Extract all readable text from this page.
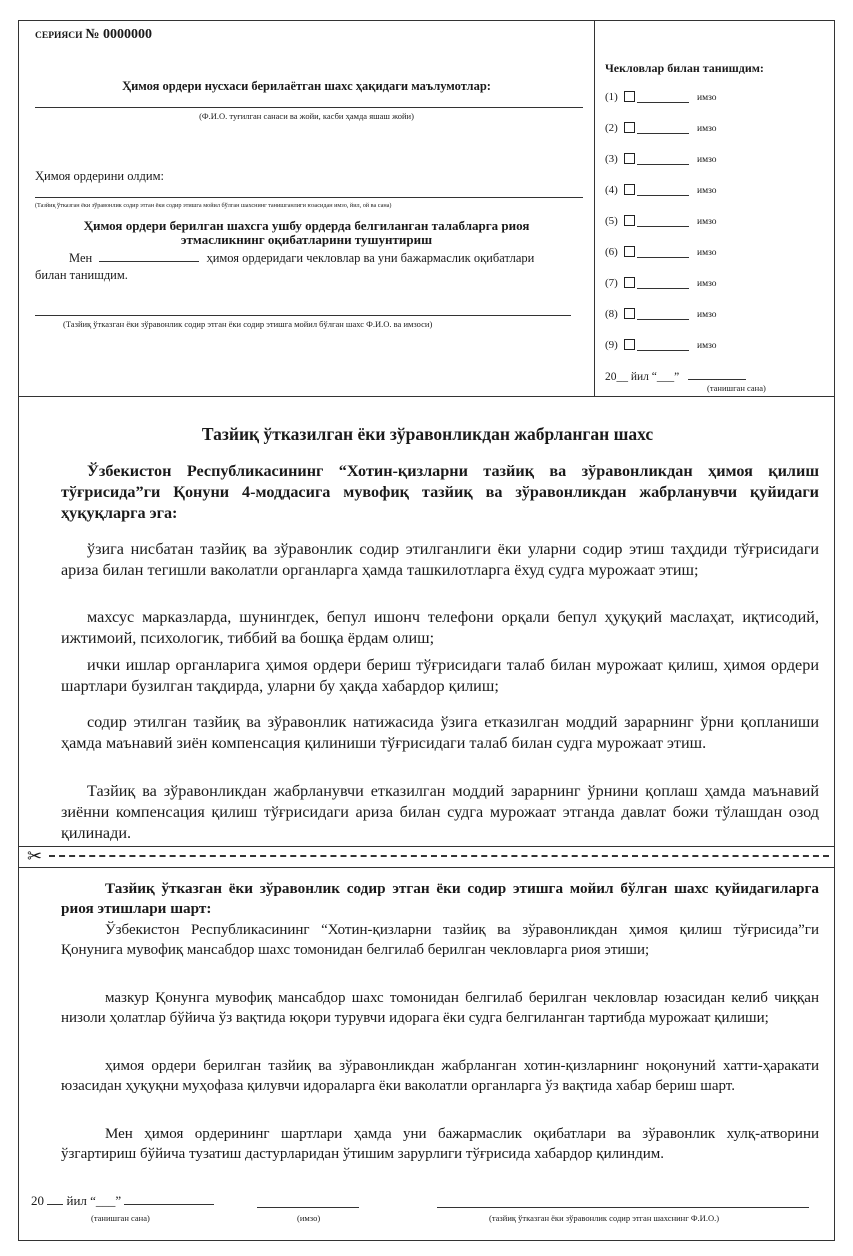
СЕРИЯСИ № 0000000
Ҳимоя ордери нусхаси берилаётган шахс ҳақидаги маълумотлар:
(Ф.И.О. туғилган санаси ва жойи, касби ҳамда яшаш жойи)
Ҳимоя ордерини олдим:
(Тазйиқ ўтказган ёки зўравонлик содир этган ёки содир этишга мойил бўлган шахснинг танишганлиги юзасидан имзо, йил, ой ва сана)
Ҳимоя ордери берилган шахсга ушбу ордерда белгиланган талабларга риоя
этмасликнинг оқибатларини тушунтириш
Мен	ҳимоя ордеридаги чекловлар ва уни бажармаслик оқибатлари
билан танишдим.
(Тазйиқ ўтказган ёки зўравонлик содир этган ёки содир этишга мойил бўлган шахс Ф.И.О. ва имзоси)
Чекловлар билан танишдим:
(1)	имзо
(2)	имзо
(3)	имзо
(4)	имзо
(5)	имзо
(6)	имзо
(7)	имзо
(8)	имзо
(9)	имзо
20__ йил “___”
(танишган сана)
Тазйиқ ўтказилган ёки зўравонликдан жабрланган шахс
Ўзбекистон Республикасининг “Хотин-қизларни тазйиқ ва зўравонликдан ҳимоя қилиш тўғрисида”ги Қонуни 4-моддасига мувофиқ тазйиқ ва зўравонликдан жабрланувчи қуйидаги ҳуқуқларга эга:
ўзига нисбатан тазйиқ ва зўравонлик содир этилганлиги ёки уларни содир этиш таҳдиди тўғрисидаги ариза билан тегишли ваколатли органларга ҳамда ташкилотларга ёхуд судга мурожаат этиш;
махсус марказларда, шунингдек, бепул ишонч телефони орқали бепул ҳуқуқий маслаҳат, иқтисодий, ижтимоий, психологик, тиббий ва бошқа ёрдам олиш;
ички ишлар органларига ҳимоя ордери бериш тўғрисидаги талаб билан мурожаат қилиш, ҳимоя ордери шартлари бузилган тақдирда, уларни бу ҳақда хабардор қилиш;
содир этилган тазйиқ ва зўравонлик натижасида ўзига етказилган моддий зарарнинг ўрни қопланиши ҳамда маънавий зиён компенсация қилиниши тўғрисидаги талаб билан судга мурожаат этиш.
Тазйиқ ва зўравонликдан жабрланувчи етказилган моддий зарарнинг ўрнини қоплаш ҳамда маънавий зиённи компенсация қилиш тўғрисидаги ариза билан судга мурожаат этганда давлат божи тўлашдан озод қилинади.
✂
Тазйиқ ўтказган ёки зўравонлик содир этган ёки содир этишга мойил бўлган шахс қуйидагиларга риоя этишлари шарт:
Ўзбекистон Республикасининг “Хотин-қизларни тазйиқ ва зўравонликдан ҳимоя қилиш тўғрисида”ги Қонунига мувофиқ мансабдор шахс томонидан белгилаб берилган чекловларга риоя этиши;
мазкур Қонунга мувофиқ мансабдор шахс томонидан белгилаб берилган чекловлар юзасидан келиб чиққан низоли ҳолатлар бўйича ўз вақтида юқори турувчи идорага ёки судга белгиланган тартибда мурожаат қилиши;
ҳимоя ордери берилган тазйиқ ва зўравонликдан жабрланган хотин-қизларнинг ноқонуний хатти-ҳаракати юзасидан ҳуқуқни муҳофаза қилувчи идораларга ёки ваколатли органларга ўз вақтида хабар бериш шарт.
Мен ҳимоя ордерининг шартлари ҳамда уни бажармаслик оқибатлари ва зўравонлик хулқ-атворини ўзгартириш бўйича тузатиш дастурларидан ўтишим зарурлиги тўғрисида хабардор қилиндим.
20 йил “___”
(танишган сана)	(имзо)	(тазйиқ ўтказган ёки зўравонлик содир этган шахснинг Ф.И.О.)
